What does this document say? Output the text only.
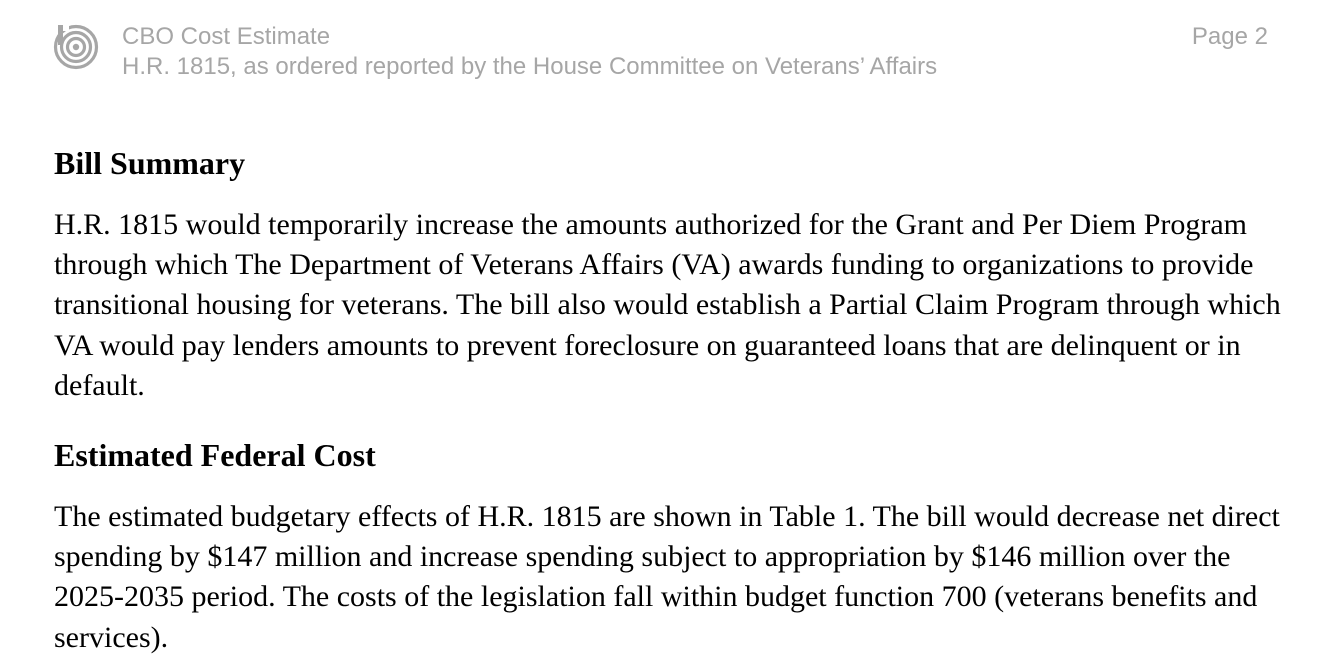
CBO Cost Estimate
H.R. 1815, as ordered reported by the House Committee on Veterans’ Affairs
Page 2
Bill Summary

H.R. 1815 would temporarily increase the amounts authorized for the Grant and Per Diem Program through which The Department of Veterans Affairs (VA) awards funding to organizations to provide transitional housing for veterans. The bill also would establish a Partial Claim Program through which VA would pay lenders amounts to prevent foreclosure on guaranteed loans that are delinquent or in default.

Estimated Federal Cost

The estimated budgetary effects of H.R. 1815 are shown in Table 1. The bill would decrease net direct spending by $147 million and increase spending subject to appropriation by $146 million over the 2025-2035 period. The costs of the legislation fall within budget function 700 (veterans benefits and services).
